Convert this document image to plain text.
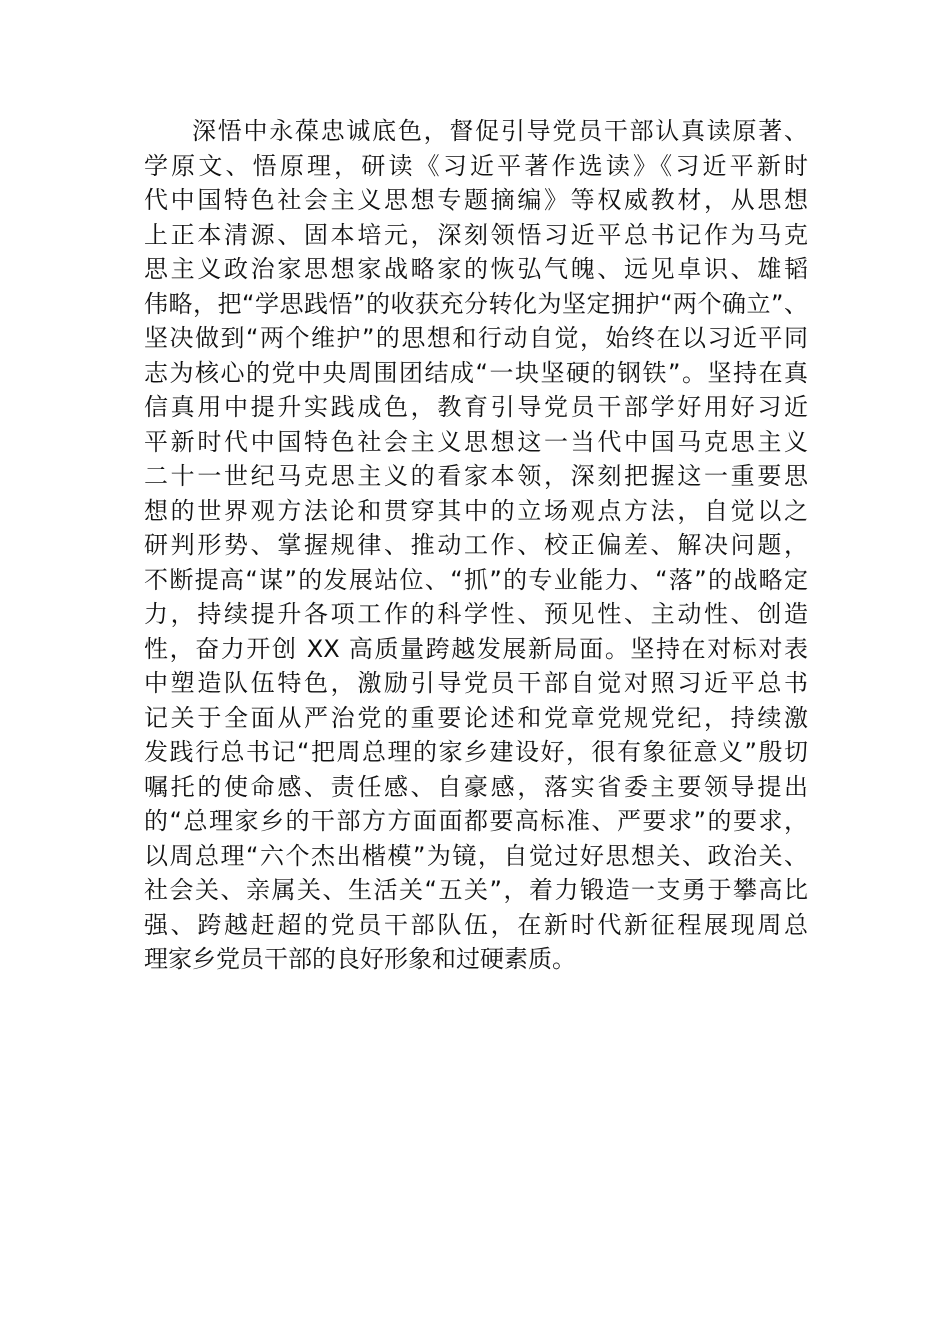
深悟中永葆忠诚底色，督促引导党员干部认真读原著、
学原文、悟原理，研读《习近平著作选读》《习近平新时
代中国特色社会主义思想专题摘编》等权威教材，从思想
上正本清源、固本培元，深刻领悟习近平总书记作为马克
思主义政治家思想家战略家的恢弘气魄、远见卓识、雄韬
伟略，把“学思践悟”的收获充分转化为坚定拥护“两个确立”、
坚决做到“两个维护”的思想和行动自觉，始终在以习近平同
志为核心的党中央周围团结成“一块坚硬的钢铁”。坚持在真
信真用中提升实践成色，教育引导党员干部学好用好习近
平新时代中国特色社会主义思想这一当代中国马克思主义
二十一世纪马克思主义的看家本领，深刻把握这一重要思
想的世界观方法论和贯穿其中的立场观点方法，自觉以之
研判形势、掌握规律、推动工作、校正偏差、解决问题，
不断提高“谋”的发展站位、“抓”的专业能力、“落”的战略定
力，持续提升各项工作的科学性、预见性、主动性、创造
性，奋力开创 XX 高质量跨越发展新局面。坚持在对标对表
中塑造队伍特色，激励引导党员干部自觉对照习近平总书
记关于全面从严治党的重要论述和党章党规党纪，持续激
发践行总书记“把周总理的家乡建设好，很有象征意义”殷切
嘱托的使命感、责任感、自豪感，落实省委主要领导提出
的“总理家乡的干部方方面面都要高标准、严要求”的要求，
以周总理“六个杰出楷模”为镜，自觉过好思想关、政治关、
社会关、亲属关、生活关“五关”，着力锻造一支勇于攀高比
强、跨越赶超的党员干部队伍，在新时代新征程展现周总
理家乡党员干部的良好形象和过硬素质。
